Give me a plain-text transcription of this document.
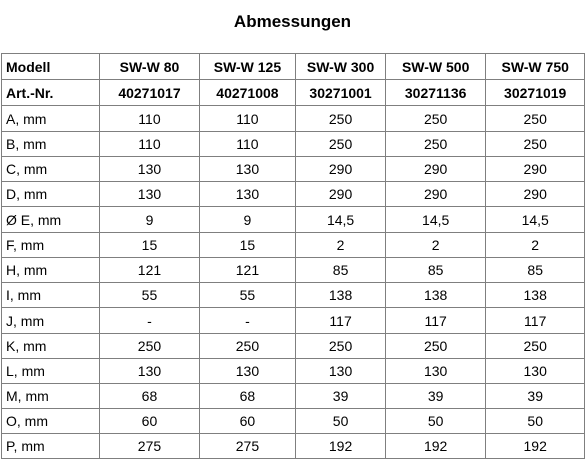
Abmessungen
Modell	SW-W 80	SW-W 125	SW-W 300	SW-W 500	SW-W 750
Art.-Nr.	40271017	40271008	30271001	30271136	30271019
A, mm	110	110	250	250	250
B, mm	110	110	250	250	250
C, mm	130	130	290	290	290
D, mm	130	130	290	290	290
Ø E, mm	9	9	14,5	14,5	14,5
F, mm	15	15	2	2	2
H, mm	121	121	85	85	85
I, mm	55	55	138	138	138
J, mm	-	-	117	117	117
K, mm	250	250	250	250	250
L, mm	130	130	130	130	130
M, mm	68	68	39	39	39
O, mm	60	60	50	50	50
P, mm	275	275	192	192	192
